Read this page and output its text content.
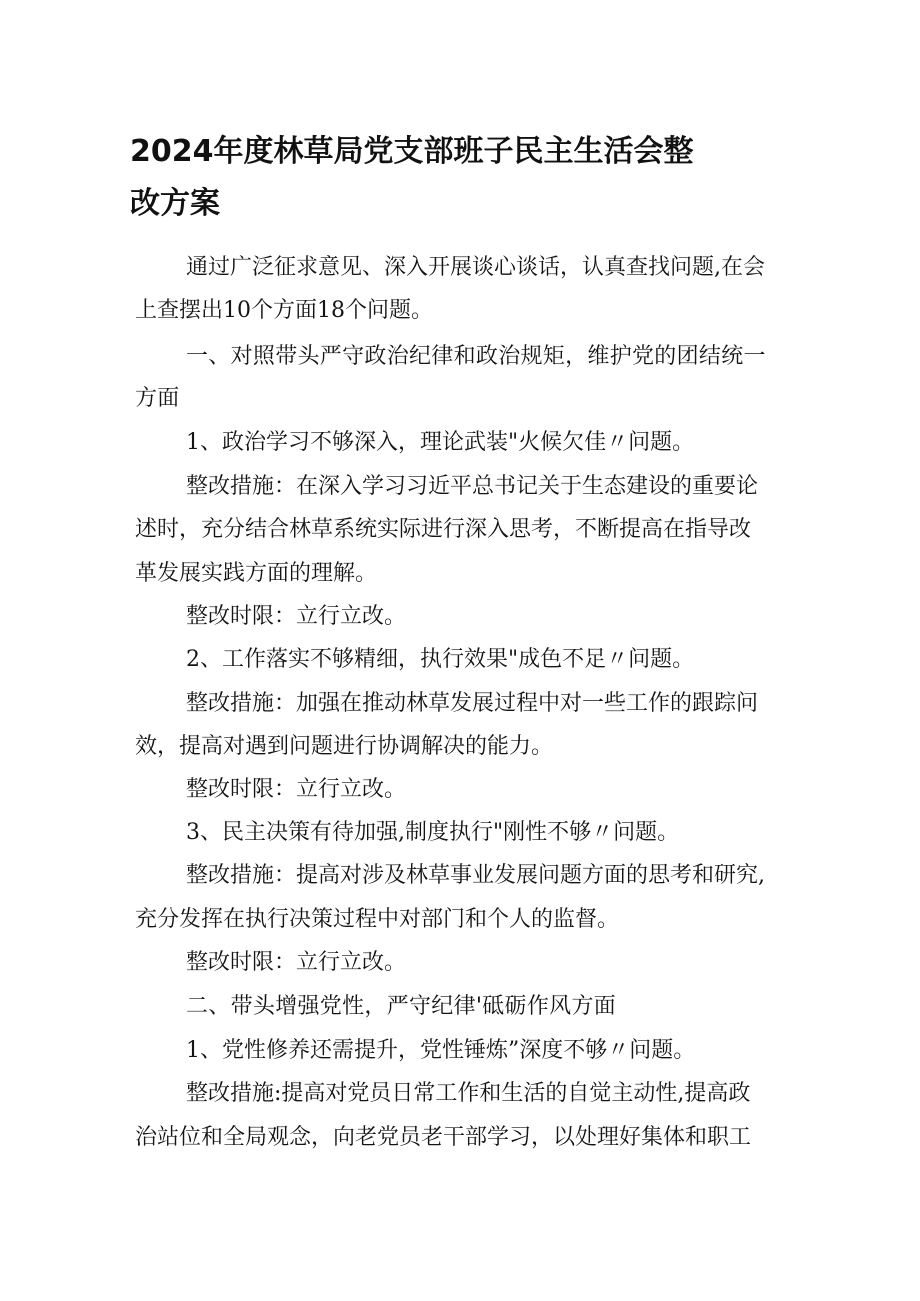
2024年度林草局党支部班子民主生活会整
改方案

通过广泛征求意见、深入开展谈心谈话，认真查找问题,在会

上查摆出10个方面18个问题。

一、对照带头严守政治纪律和政治规矩，维护党的团结统一

方面

1、政治学习不够深入，理论武装"火候欠佳〃问题。

整改措施：在深入学习习近平总书记关于生态建设的重要论

述时，充分结合林草系统实际进行深入思考，不断提高在指导改

革发展实践方面的理解。

整改时限：立行立改。

2、工作落实不够精细，执行效果"成色不足〃问题。

整改措施：加强在推动林草发展过程中对一些工作的跟踪问

效，提高对遇到问题进行协调解决的能力。

整改时限：立行立改。

3、民主决策有待加强,制度执行"刚性不够〃问题。

整改措施：提高对涉及林草事业发展问题方面的思考和研究,

充分发挥在执行决策过程中对部门和个人的监督。

整改时限：立行立改。

二、带头增强党性，严守纪律'砥砺作风方面

1、党性修养还需提升，党性锤炼”深度不够〃问题。

整改措施:提高对党员日常工作和生活的自觉主动性,提高政

治站位和全局观念，向老党员老干部学习，以处理好集体和职工
